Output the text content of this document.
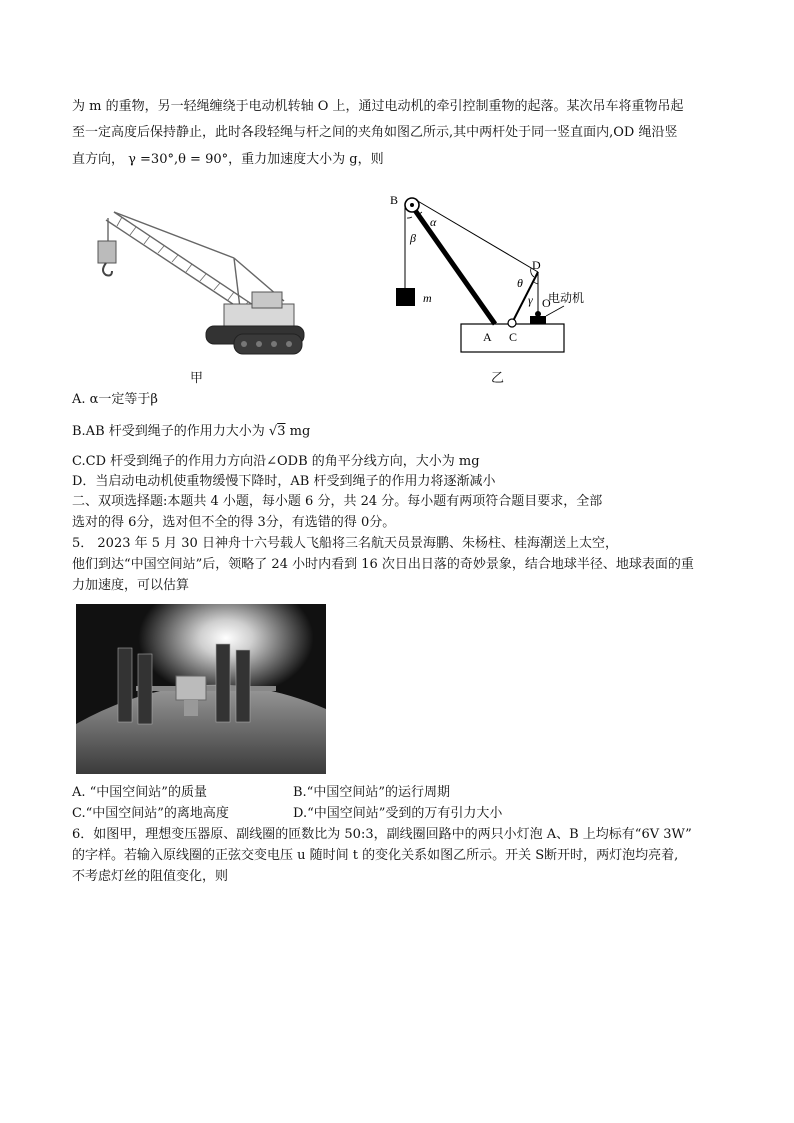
为 m 的重物，另一轻绳缠绕于电动机转轴 O 上，通过电动机的牵引控制重物的起落。某次吊车将重物吊起
至一定高度后保持静止，此时各段轻绳与杆之间的夹角如图乙所示,其中两杆处于同一竖直面内,OD 绳沿竖
直方向， γ =30°,θ = 90°，重力加速度大小为 g，则
甲
B
α
β
D
θ
γ O
m
A C
电动机
乙
A. α一定等于β
B.AB 杆受到绳子的作用力大小为 √3 mg
C.CD 杆受到绳子的作用力方向沿∠ODB 的角平分线方向，大小为 mg
D．当启动电动机使重物缓慢下降时，AB 杆受到绳子的作用力将逐渐减小
二、双项选择题:本题共 4 小题，每小题 6 分，共 24 分。每小题有两项符合题目要求，全部
选对的得 6分，选对但不全的得 3分，有选错的得 0分。
5． 2023 年 5 月 30 日神舟十六号载人飞船将三名航天员景海鹏、朱杨柱、桂海潮送上太空，
他们到达“中国空间站”后，领略了 24 小时内看到 16 次日出日落的奇妙景象，结合地球半径、地球表面的重
力加速度，可以估算
A. “中国空间站”的质量	B.“中国空间站”的运行周期
C.“中国空间站”的离地高度	D.“中国空间站”受到的万有引力大小
6．如图甲，理想变压器原、副线圈的匝数比为 50:3，副线圈回路中的两只小灯泡 A、B 上均标有“6V 3W”
的字样。若输入原线圈的正弦交变电压 u 随时间 t 的变化关系如图乙所示。开关 S断开时，两灯泡均亮着,
不考虑灯丝的阻值变化，则
